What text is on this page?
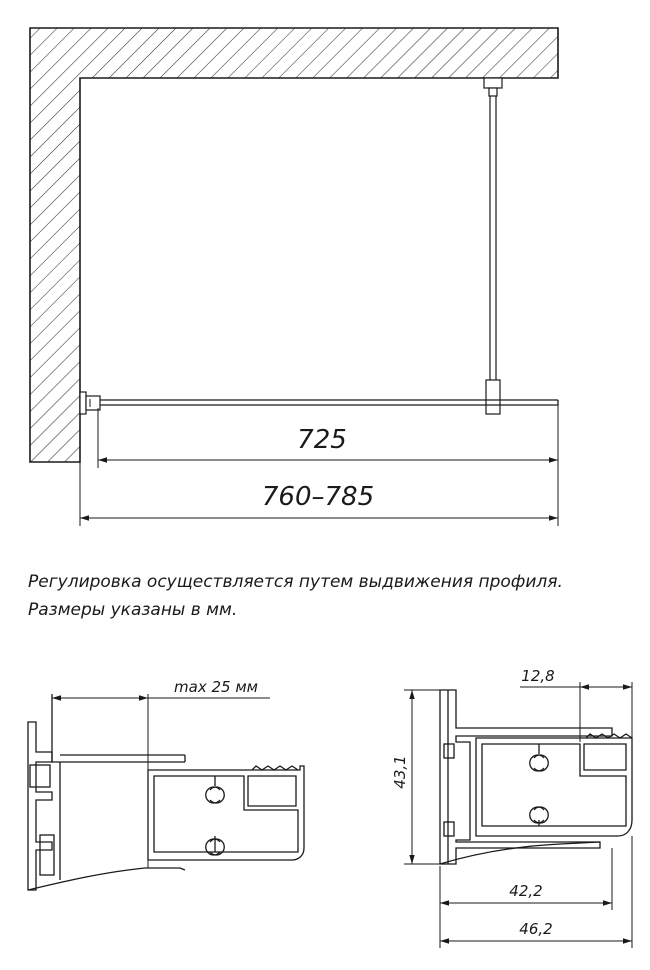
725
760–785
max 25 мм
12,8
43,1
42,2
46,2

Регулировка осуществляется путем выдвижения профиля.

Размеры указаны в мм.
